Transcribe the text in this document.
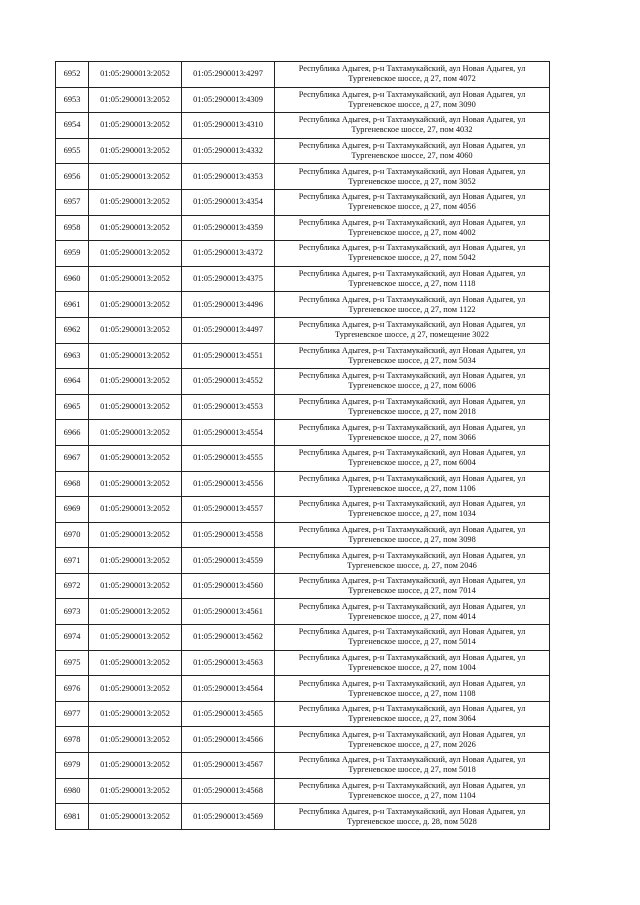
6952	01:05:2900013:2052	01:05:2900013:4297	Республика Адыгея, р-н Тахтамукайский, аул Новая Адыгея, ул
Тургеневское шоссе, д 27, пом 4072

6953	01:05:2900013:2052	01:05:2900013:4309	Республика Адыгея, р-н Тахтамукайский, аул Новая Адыгея, ул
Тургеневское шоссе, д 27, пом 3090

6954	01:05:2900013:2052	01:05:2900013:4310	Республика Адыгея, р-н Тахтамукайский, аул Новая Адыгея, ул
Тургеневское шоссе, 27, пом 4032

6955	01:05:2900013:2052	01:05:2900013:4332	Республика Адыгея, р-н Тахтамукайский, аул Новая Адыгея, ул
Тургеневское шоссе, 27, пом 4060

6956	01:05:2900013:2052	01:05:2900013:4353	Республика Адыгея, р-н Тахтамукайский, аул Новая Адыгея, ул
Тургеневское шоссе, д 27, пом 3052

6957	01:05:2900013:2052	01:05:2900013:4354	Республика Адыгея, р-н Тахтамукайский, аул Новая Адыгея, ул
Тургеневское шоссе, д 27, пом 4056

6958	01:05:2900013:2052	01:05:2900013:4359	Республика Адыгея, р-н Тахтамукайский, аул Новая Адыгея, ул
Тургеневское шоссе, д 27, пом 4002

6959	01:05:2900013:2052	01:05:2900013:4372	Республика Адыгея, р-н Тахтамукайский, аул Новая Адыгея, ул
Тургеневское шоссе, д 27, пом 5042

6960	01:05:2900013:2052	01:05:2900013:4375	Республика Адыгея, р-н Тахтамукайский, аул Новая Адыгея, ул
Тургеневское шоссе, д 27, пом 1118

6961	01:05:2900013:2052	01:05:2900013:4496	Республика Адыгея, р-н Тахтамукайский, аул Новая Адыгея, ул
Тургеневское шоссе, д 27, пом 1122

6962	01:05:2900013:2052	01:05:2900013:4497	Республика Адыгея, р-н Тахтамукайский, аул Новая Адыгея, ул
Тургеневское шоссе, д 27, помещение 3022

6963	01:05:2900013:2052	01:05:2900013:4551	Республика Адыгея, р-н Тахтамукайский, аул Новая Адыгея, ул
Тургеневское шоссе, д 27, пом 5034

6964	01:05:2900013:2052	01:05:2900013:4552	Республика Адыгея, р-н Тахтамукайский, аул Новая Адыгея, ул
Тургеневское шоссе, д 27, пом 6006

6965	01:05:2900013:2052	01:05:2900013:4553	Республика Адыгея, р-н Тахтамукайский, аул Новая Адыгея, ул
Тургеневское шоссе, д 27, пом 2018

6966	01:05:2900013:2052	01:05:2900013:4554	Республика Адыгея, р-н Тахтамукайский, аул Новая Адыгея, ул
Тургеневское шоссе, д 27, пом 3066

6967	01:05:2900013:2052	01:05:2900013:4555	Республика Адыгея, р-н Тахтамукайский, аул Новая Адыгея, ул
Тургеневское шоссе, д 27, пом 6004

6968	01:05:2900013:2052	01:05:2900013:4556	Республика Адыгея, р-н Тахтамукайский, аул Новая Адыгея, ул
Тургеневское шоссе, д 27, пом 1106

6969	01:05:2900013:2052	01:05:2900013:4557	Республика Адыгея, р-н Тахтамукайский, аул Новая Адыгея, ул
Тургеневское шоссе, д 27, пом 1034

6970	01:05:2900013:2052	01:05:2900013:4558	Республика Адыгея, р-н Тахтамукайский, аул Новая Адыгея, ул
Тургеневское шоссе, д 27, пом 3098

6971	01:05:2900013:2052	01:05:2900013:4559	Республика Адыгея, р-н Тахтамукайский, аул Новая Адыгея, ул
Тургеневское шоссе, д. 27, пом 2046

6972	01:05:2900013:2052	01:05:2900013:4560	Республика Адыгея, р-н Тахтамукайский, аул Новая Адыгея, ул
Тургеневское шоссе, д 27, пом 7014

6973	01:05:2900013:2052	01:05:2900013:4561	Республика Адыгея, р-н Тахтамукайский, аул Новая Адыгея, ул
Тургеневское шоссе, д 27, пом 4014

6974	01:05:2900013:2052	01:05:2900013:4562	Республика Адыгея, р-н Тахтамукайский, аул Новая Адыгея, ул
Тургеневское шоссе, д 27, пом 5014

6975	01:05:2900013:2052	01:05:2900013:4563	Республика Адыгея, р-н Тахтамукайский, аул Новая Адыгея, ул
Тургеневское шоссе, д 27, пом 1004

6976	01:05:2900013:2052	01:05:2900013:4564	Республика Адыгея, р-н Тахтамукайский, аул Новая Адыгея, ул
Тургеневское шоссе, д 27, пом 1108

6977	01:05:2900013:2052	01:05:2900013:4565	Республика Адыгея, р-н Тахтамукайский, аул Новая Адыгея, ул
Тургеневское шоссе, д 27, пом 3064

6978	01:05:2900013:2052	01:05:2900013:4566	Республика Адыгея, р-н Тахтамукайский, аул Новая Адыгея, ул
Тургеневское шоссе, д 27, пом 2026

6979	01:05:2900013:2052	01:05:2900013:4567	Республика Адыгея, р-н Тахтамукайский, аул Новая Адыгея, ул
Тургеневское шоссе, д 27, пом 5018

6980	01:05:2900013:2052	01:05:2900013:4568	Республика Адыгея, р-н Тахтамукайский, аул Новая Адыгея, ул
Тургеневское шоссе, д 27, пом 1104

6981	01:05:2900013:2052	01:05:2900013:4569	Республика Адыгея, р-н Тахтамукайский, аул Новая Адыгея, ул
Тургеневское шоссе, д. 28, пом 5028
